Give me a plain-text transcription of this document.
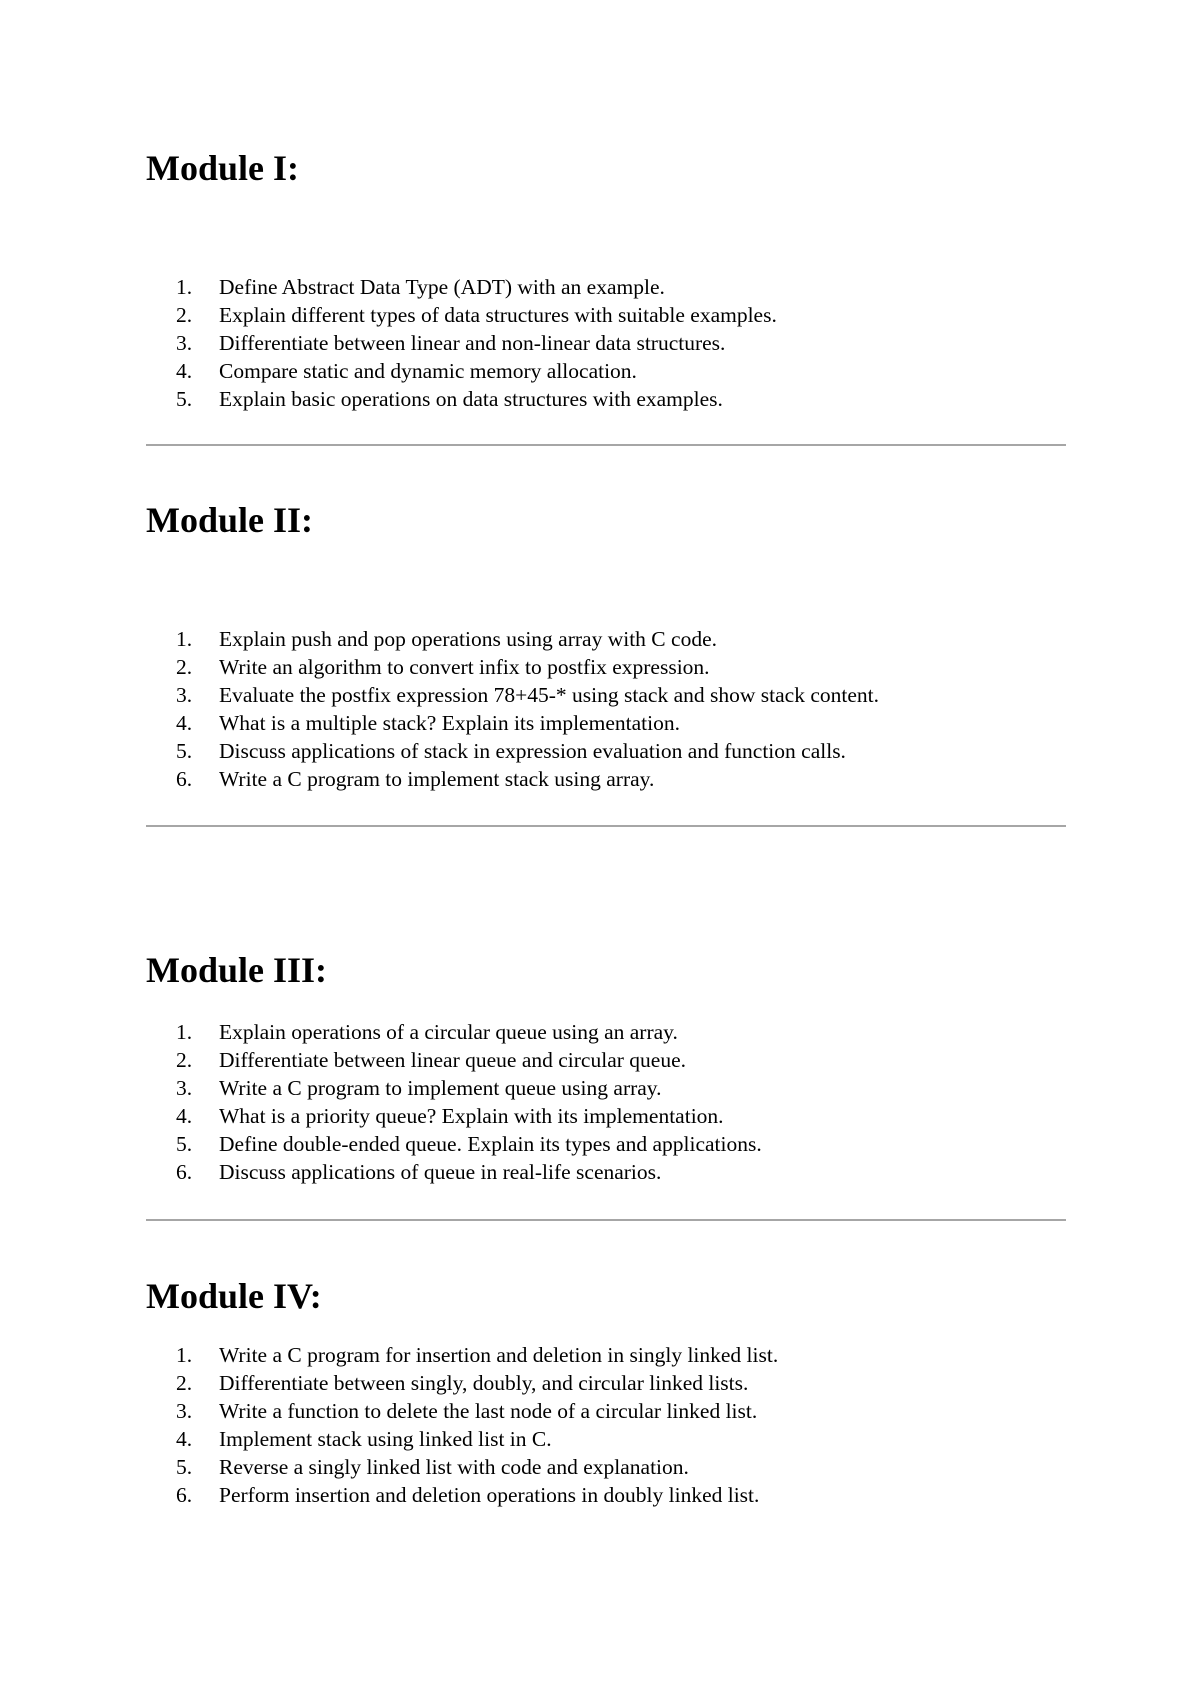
Module I:
1.	Define Abstract Data Type (ADT) with an example.
2.	Explain different types of data structures with suitable examples.
3.	Differentiate between linear and non-linear data structures.
4.	Compare static and dynamic memory allocation.
5.	Explain basic operations on data structures with examples.
Module II:
1.	Explain push and pop operations using array with C code.
2.	Write an algorithm to convert infix to postfix expression.
3.	Evaluate the postfix expression 78+45-* using stack and show stack content.
4.	What is a multiple stack? Explain its implementation.
5.	Discuss applications of stack in expression evaluation and function calls.
6.	Write a C program to implement stack using array.
Module III:
1.	Explain operations of a circular queue using an array.
2.	Differentiate between linear queue and circular queue.
3.	Write a C program to implement queue using array.
4.	What is a priority queue? Explain with its implementation.
5.	Define double-ended queue. Explain its types and applications.
6.	Discuss applications of queue in real-life scenarios.
Module IV:
1.	Write a C program for insertion and deletion in singly linked list.
2.	Differentiate between singly, doubly, and circular linked lists.
3.	Write a function to delete the last node of a circular linked list.
4.	Implement stack using linked list in C.
5.	Reverse a singly linked list with code and explanation.
6.	Perform insertion and deletion operations in doubly linked list.
